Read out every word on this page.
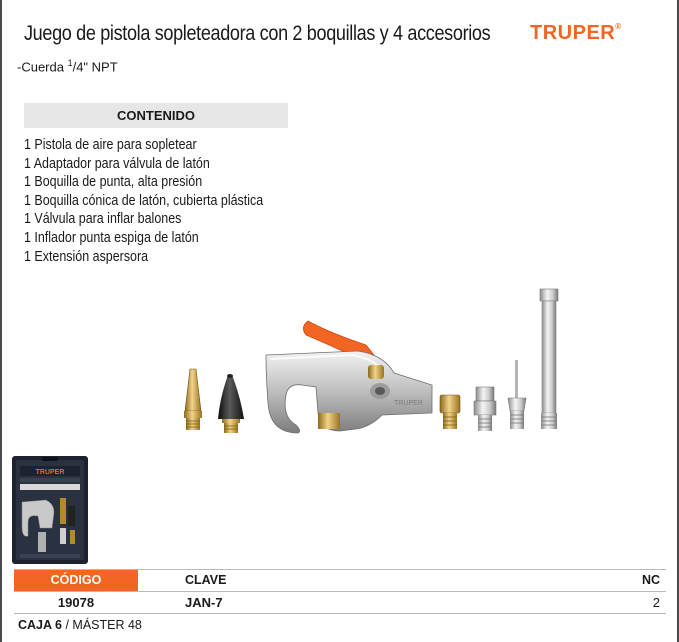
Juego de pistola sopleteadora con 2 boquillas y 4 accesorios TRUPER®
-Cuerda $^1$/4" NPT
CONTENIDO
1 Pistola de aire para sopletear
1 Adaptador para válvula de latón
1 Boquilla de punta, alta presión
1 Boquilla cónica de latón, cubierta plástica
1 Válvula para inflar balones
1 Inflador punta espiga de latón
1 Extensión aspersora
TRUPER
TRUPER
CÓDIGO	CLAVE	NC
19078	JAN-7	2
CAJA 6 / MÁSTER 48
